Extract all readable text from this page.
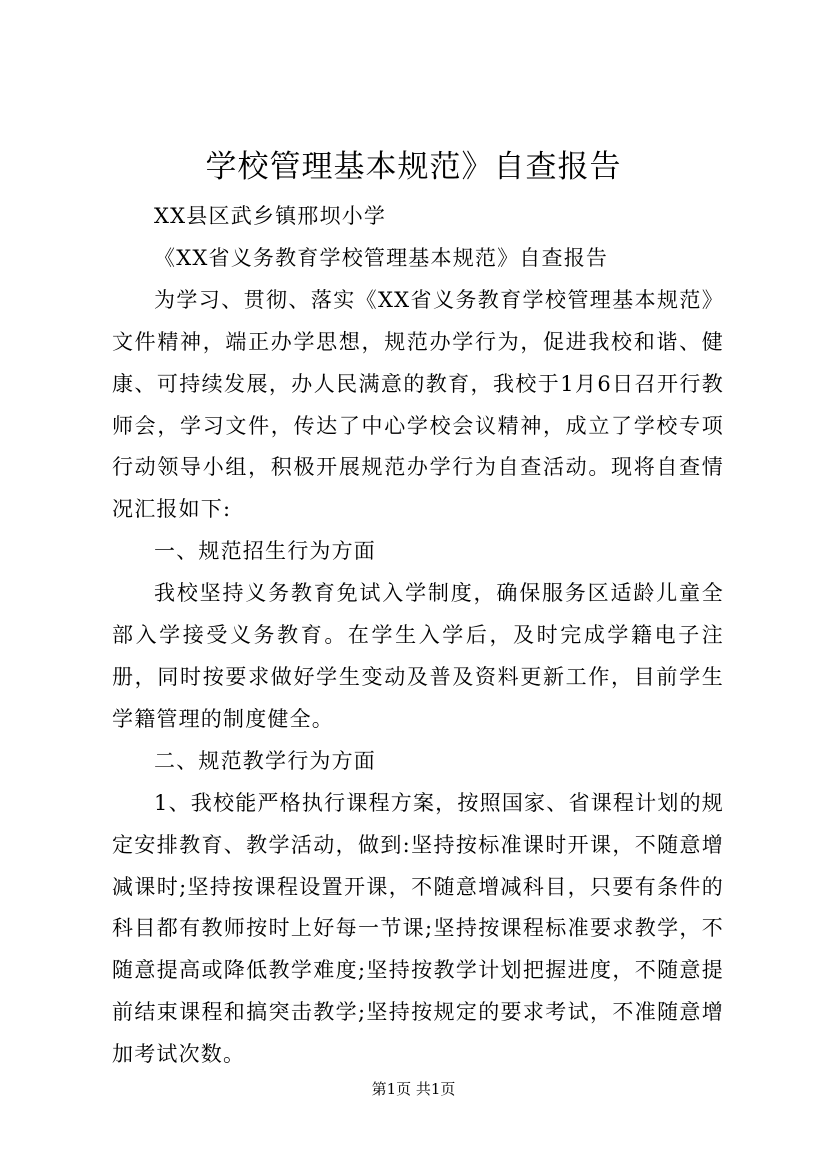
学校管理基本规范》自查报告

XX县区武乡镇邢坝小学

《XX省义务教育学校管理基本规范》自查报告

为学习、贯彻、落实《XX省义务教育学校管理基本规范》文件精神，端正办学思想，规范办学行为，促进我校和谐、健康、可持续发展，办人民满意的教育，我校于1月6日召开行教师会，学习文件，传达了中心学校会议精神，成立了学校专项行动领导小组，积极开展规范办学行为自查活动。现将自查情况汇报如下:

一、规范招生行为方面

我校坚持义务教育免试入学制度，确保服务区适龄儿童全部入学接受义务教育。在学生入学后，及时完成学籍电子注册，同时按要求做好学生变动及普及资料更新工作，目前学生学籍管理的制度健全。

二、规范教学行为方面

1、我校能严格执行课程方案，按照国家、省课程计划的规定安排教育、教学活动，做到:坚持按标准课时开课，不随意增减课时;坚持按课程设置开课，不随意增减科目，只要有条件的科目都有教师按时上好每一节课;坚持按课程标准要求教学，不随意提高或降低教学难度;坚持按教学计划把握进度，不随意提前结束课程和搞突击教学;坚持按规定的要求考试，不准随意增加考试次数。

第1页 共1页
